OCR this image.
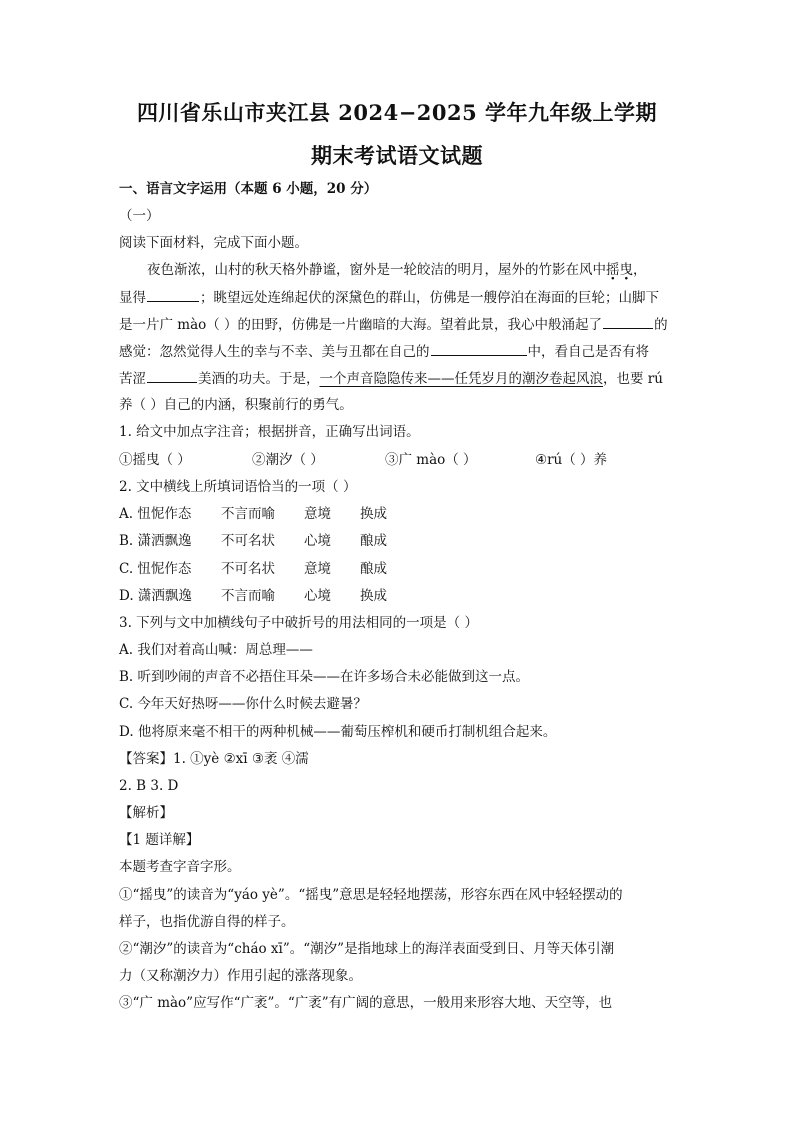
四川省乐山市夹江县 2024−2025 学年九年级上学期
期末考试语文试题
一、语言文字运用（本题 6 小题，20 分）
（一）
阅读下面材料，完成下面小题。
夜色渐浓，山村的秋天格外静谧，窗外是一轮皎洁的明月，屋外的竹影在风中摇曳，
显得	；眺望远处连绵起伏的深黛色的群山，仿佛是一艘停泊在海面的巨轮；山脚下
是一片广 mào（ ）的田野，仿佛是一片幽暗的大海。望着此景，我心中般涌起了	的
感觉：忽然觉得人生的幸与不幸、美与丑都在自己的	中，看自己是否有将
苦涩	美酒的功夫。于是，一个声音隐隐传来——任凭岁月的潮汐卷起风浪，也要 rú
养（ ）自己的内涵，积聚前行的勇气。
1. 给文中加点字注音；根据拼音，正确写出词语。
①摇曳（ ）	②潮汐（ ）	③广 mào（ ）	④rú（ ）养
2. 文中横线上所填词语恰当的一项（ ）
A. 忸怩作态 不言而喻 意境 换成
B. 潇洒飘逸 不可名状 心境 酿成
C. 忸怩作态 不可名状 意境 酿成
D. 潇洒飘逸 不言而喻 心境 换成
3. 下列与文中加横线句子中破折号的用法相同的一项是（ ）
A. 我们对着高山喊：周总理——
B. 听到吵闹的声音不必捂住耳朵——在许多场合未必能做到这一点。
C. 今年天好热呀——你什么时候去避暑？
D. 他将原来毫不相干的两种机械——葡萄压榨机和硬币打制机组合起来。
【答案】1. ①yè ②xī ③袤 ④濡
2. B 3. D
【解析】
【1 题详解】
本题考查字音字形。
①“摇曳”的读音为“yáo yè”。“摇曳”意思是轻轻地摆荡，形容东西在风中轻轻摆动的
样子，也指优游自得的样子。
②“潮汐”的读音为“cháo xī”。“潮汐”是指地球上的海洋表面受到日、月等天体引潮
力（又称潮汐力）作用引起的涨落现象。
③“广 mào”应写作“广袤”。“广袤”有广阔的意思，一般用来形容大地、天空等，也
